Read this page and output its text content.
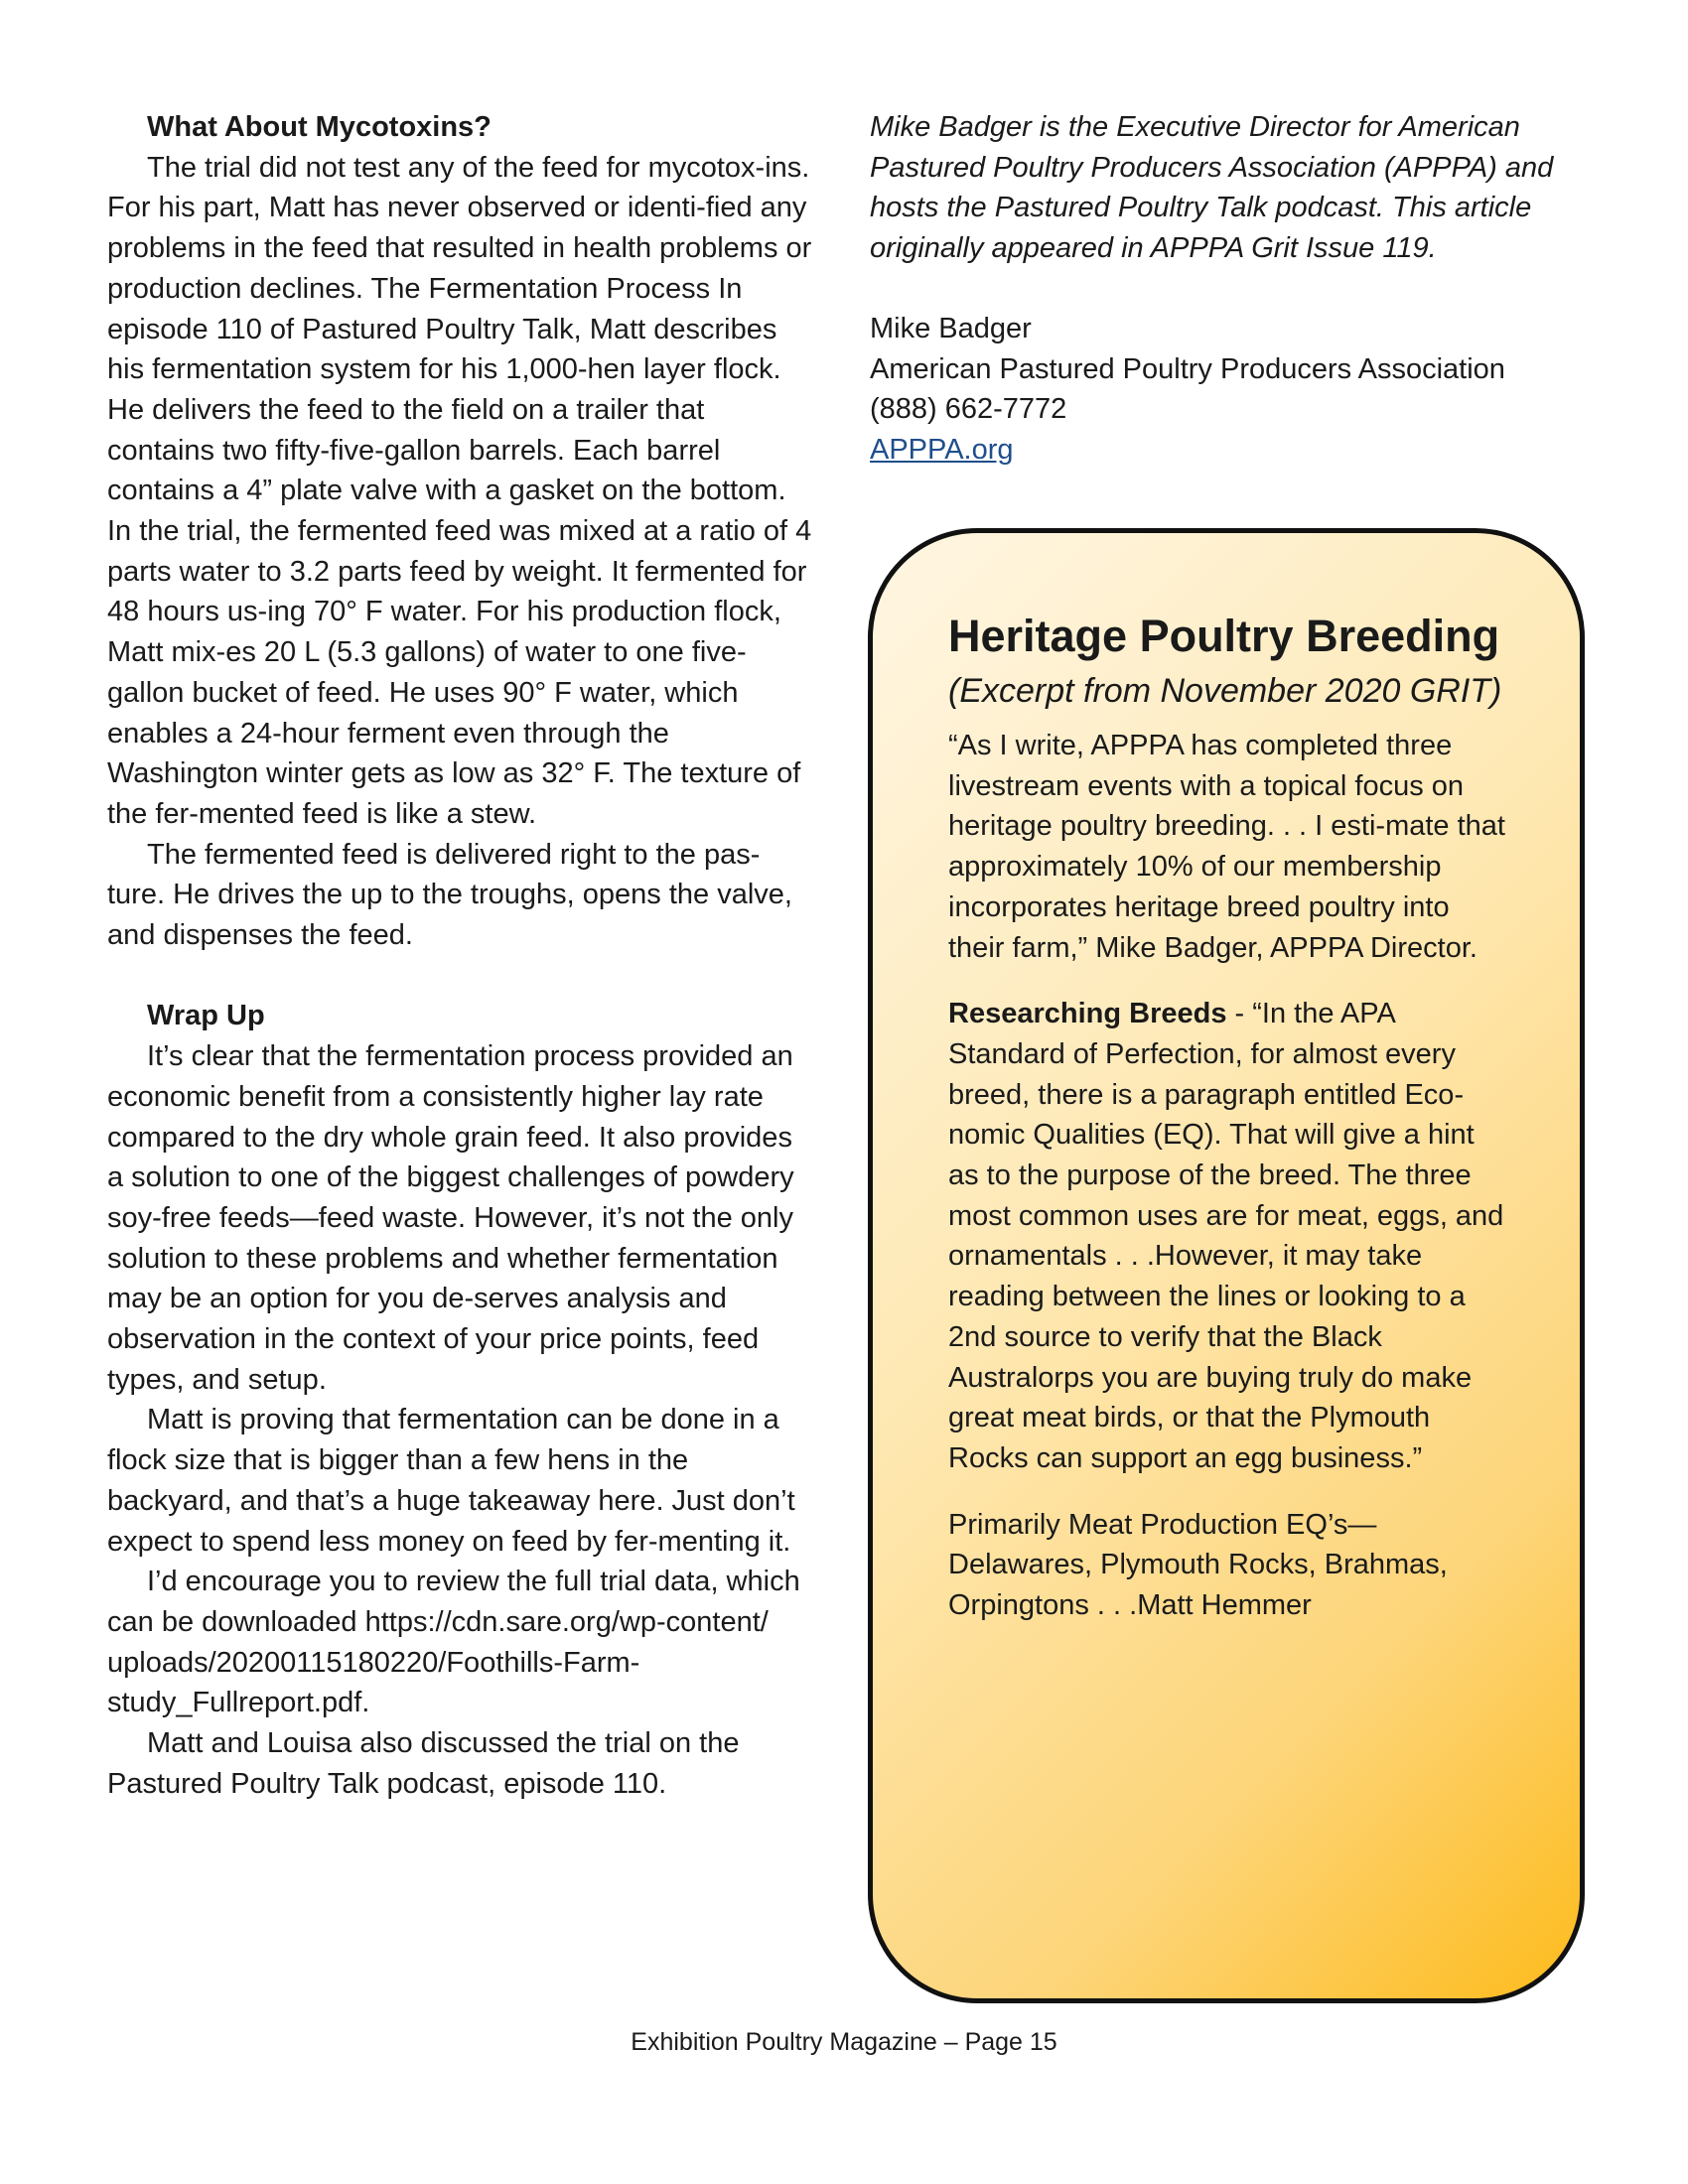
What About Mycotoxins?

The trial did not test any of the feed for mycotox-ins. For his part, Matt has never observed or identi-fied any problems in the feed that resulted in health problems or production declines. The Fermentation Process In episode 110 of Pastured Poultry Talk, Matt describes his fermentation system for his 1,000-hen layer flock. He delivers the feed to the field on a trailer that contains two fifty-five-gallon barrels. Each barrel contains a 4” plate valve with a gasket on the bottom. In the trial, the fermented feed was mixed at a ratio of 4 parts water to 3.2 parts feed by weight. It fermented for 48 hours us-ing 70° F water. For his production flock, Matt mix-es 20 L (5.3 gallons) of water to one five-gallon bucket of feed. He uses 90° F water, which enables a 24-hour ferment even through the Washington winter gets as low as 32° F. The texture of the fer-mented feed is like a stew.

The fermented feed is delivered right to the pas-ture. He drives the up to the troughs, opens the valve, and dispenses the feed.

Wrap Up

It’s clear that the fermentation process provided an economic benefit from a consistently higher lay rate compared to the dry whole grain feed. It also provides a solution to one of the biggest challenges of powdery soy-free feeds—feed waste. However, it’s not the only solution to these problems and whether fermentation may be an option for you de-serves analysis and observation in the context of your price points, feed types, and setup.

Matt is proving that fermentation can be done in a flock size that is bigger than a few hens in the backyard, and that’s a huge takeaway here. Just don’t expect to spend less money on feed by fer-menting it.

I’d encourage you to review the full trial data, which can be downloaded https://cdn.sare.org/wp-content/ uploads/20200115180220/Foothills-Farm-study_Fullreport.pdf.

Matt and Louisa also discussed the trial on the Pastured Poultry Talk podcast, episode 110.

Mike Badger is the Executive Director for American Pastured Poultry Producers Association (APPPA) and hosts the Pastured Poultry Talk podcast. This article originally appeared in APPPA Grit Issue 119.

Mike Badger
American Pastured Poultry Producers Association
(888) 662-7772
APPPA.org
Heritage Poultry Breeding
(Excerpt from November 2020 GRIT)

“As I write, APPPA has completed three livestream events with a topical focus on heritage poultry breeding. . . I esti-mate that approximately 10% of our membership incorporates heritage breed poultry into their farm,” Mike Badger, APPPA Director.

Researching Breeds - “In the APA Standard of Perfection, for almost every breed, there is a paragraph entitled Eco-nomic Qualities (EQ). That will give a hint as to the purpose of the breed. The three most common uses are for meat, eggs, and ornamentals . . .However, it may take reading between the lines or looking to a 2nd source to verify that the Black Australorps you are buying truly do make great meat birds, or that the Plymouth Rocks can support an egg business.”

Primarily Meat Production EQ’s—Delawares, Plymouth Rocks, Brahmas, Orpingtons . . .Matt Hemmer

Exhibition Poultry Magazine – Page 15
